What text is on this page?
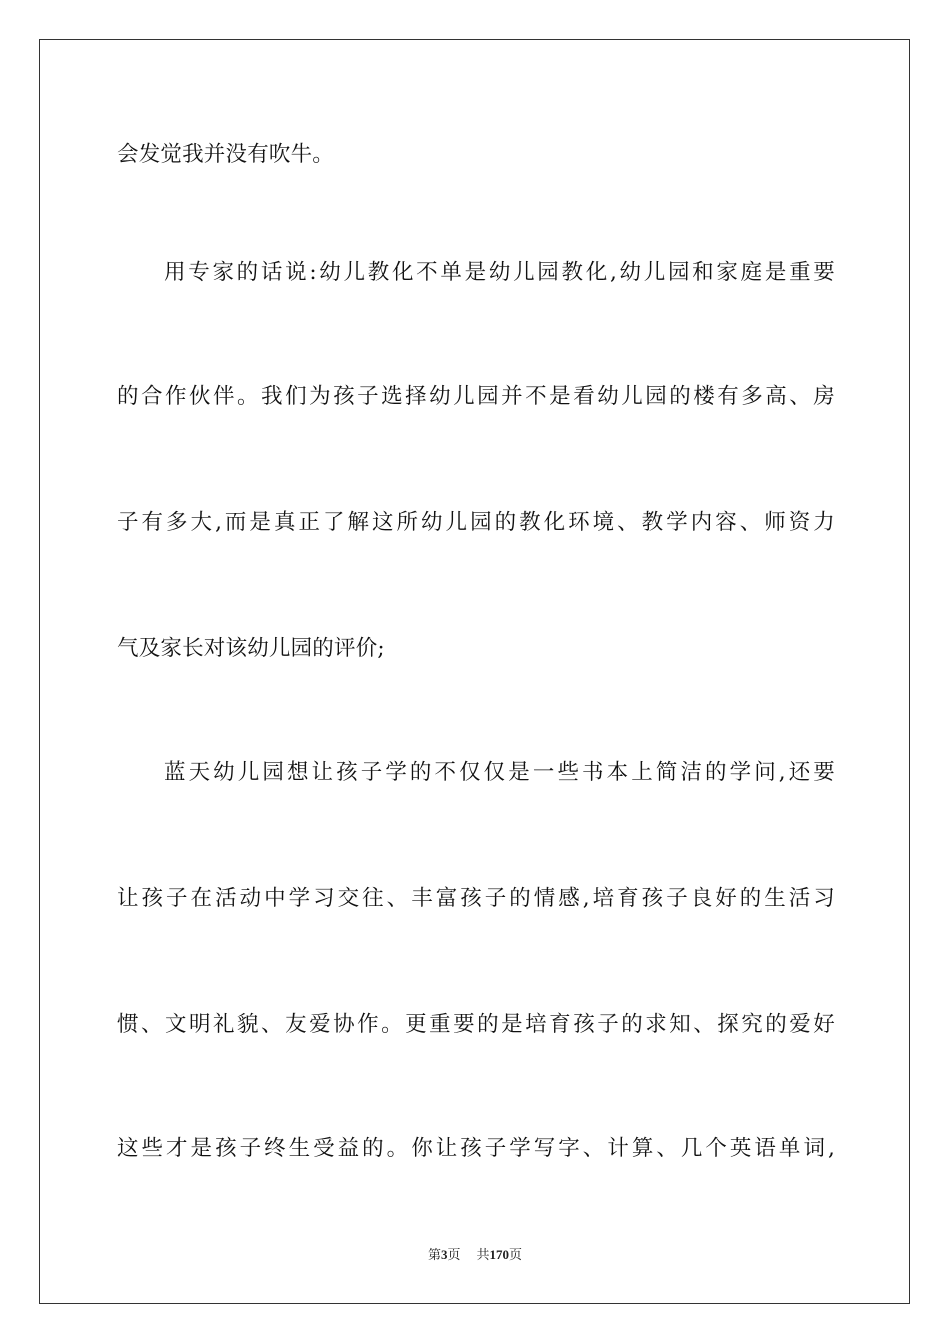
会发觉我并没有吹牛。
用专家的话说:幼儿教化不单是幼儿园教化,幼儿园和家庭是重要
的合作伙伴。我们为孩子选择幼儿园并不是看幼儿园的楼有多高、房
子有多大,而是真正了解这所幼儿园的教化环境、教学内容、师资力
气及家长对该幼儿园的评价;
蓝天幼儿园想让孩子学的不仅仅是一些书本上简洁的学问,还要
让孩子在活动中学习交往、丰富孩子的情感,培育孩子良好的生活习
惯、文明礼貌、友爱协作。更重要的是培育孩子的求知、探究的爱好
这些才是孩子终生受益的。你让孩子学写字、计算、几个英语单词,
第3页 共170页
